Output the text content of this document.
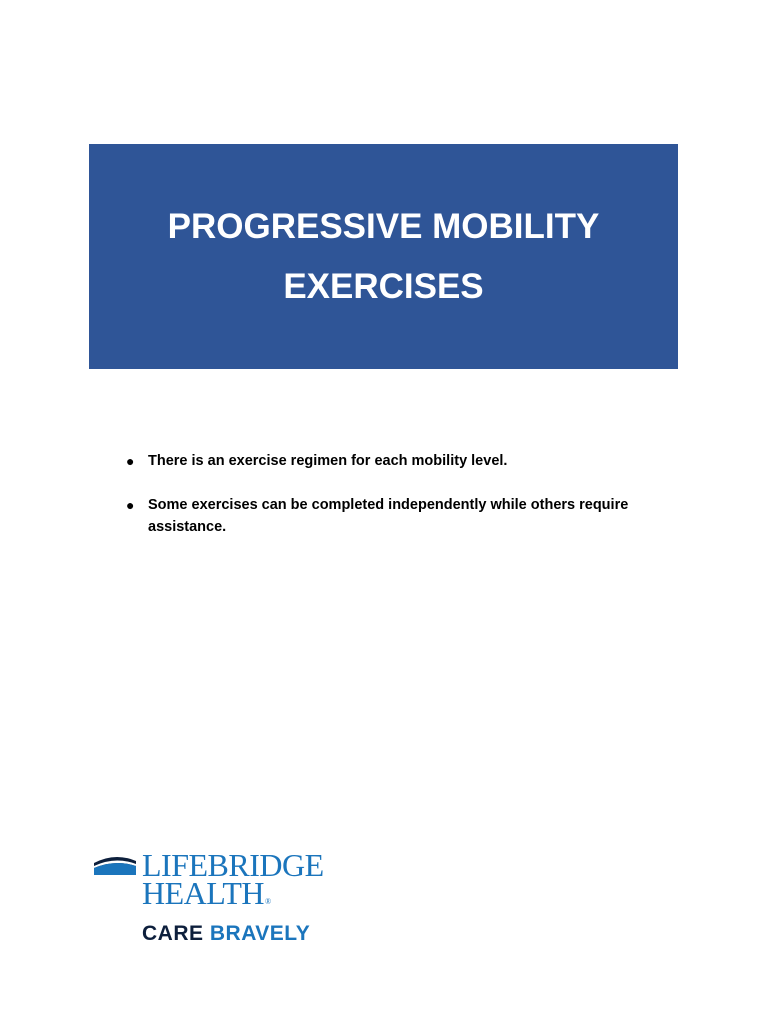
PROGRESSIVE MOBILITY
EXERCISES
● There is an exercise regimen for each mobility level.
● Some exercises can be completed independently while others require assistance.
LIFEBRIDGE
HEALTH®
CARE BRAVELY
